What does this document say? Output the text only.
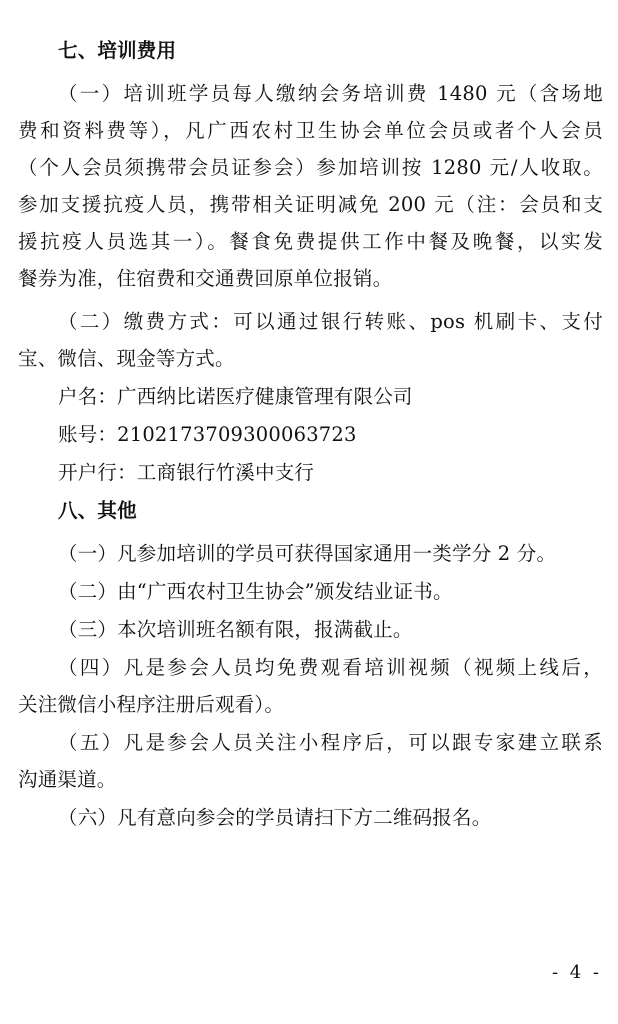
七、培训费用
（一）培训班学员每人缴纳会务培训费 1480 元（含场地
费和资料费等），凡广西农村卫生协会单位会员或者个人会员
（个人会员须携带会员证参会）参加培训按 1280 元/人收取。
参加支援抗疫人员，携带相关证明减免 200 元（注：会员和支
援抗疫人员选其一）。餐食免费提供工作中餐及晚餐，以实发
餐券为准，住宿费和交通费回原单位报销。
（二）缴费方式：可以通过银行转账、pos 机刷卡、支付
宝、微信、现金等方式。
户名：广西纳比诺医疗健康管理有限公司
账号：2102173709300063723
开户行：工商银行竹溪中支行
八、其他
（一）凡参加培训的学员可获得国家通用一类学分 2 分。
（二）由“广西农村卫生协会”颁发结业证书。
（三）本次培训班名额有限，报满截止。
（四）凡是参会人员均免费观看培训视频（视频上线后，
关注微信小程序注册后观看）。
（五）凡是参会人员关注小程序后，可以跟专家建立联系
沟通渠道。
（六）凡有意向参会的学员请扫下方二维码报名。
- 4 -
